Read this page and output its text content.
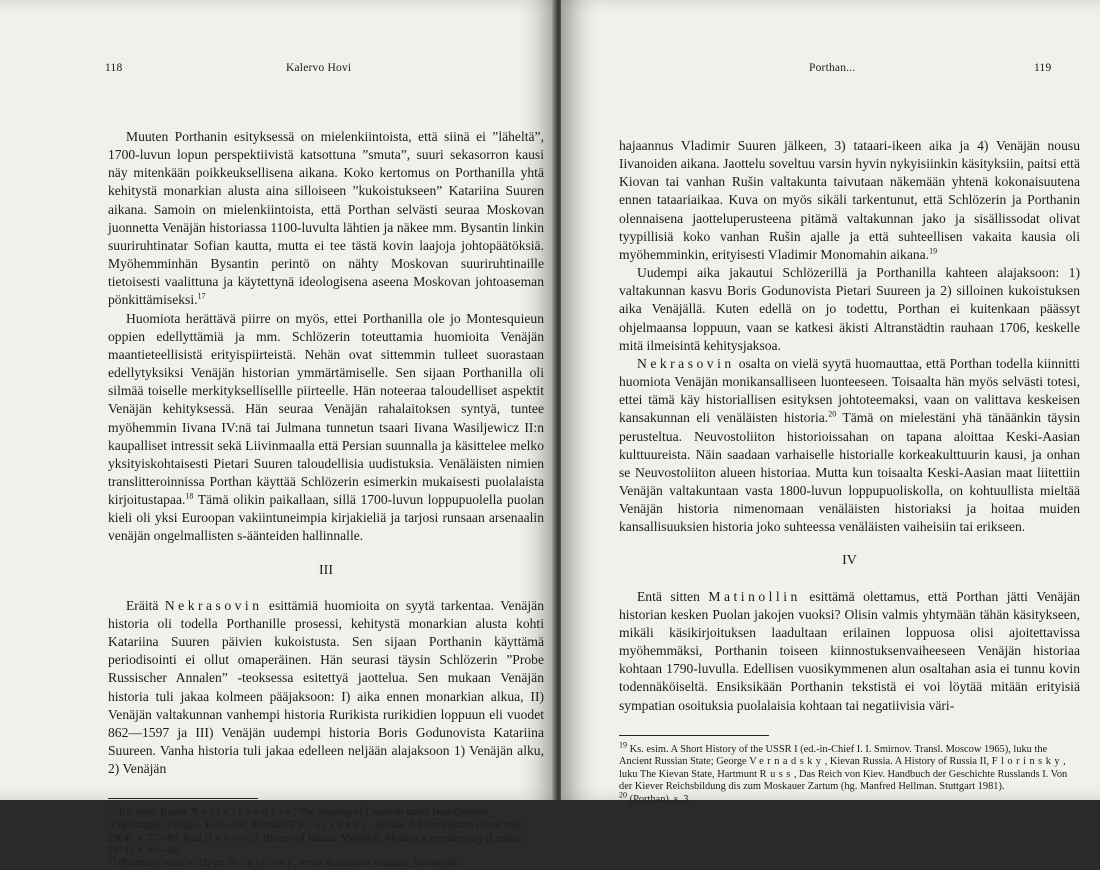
118	Kalervo Hovi

Muuten Porthanin esityksessä on mielenkiintoista, että siinä ei ”läheltä”, 1700-luvun lopun perspektiivistä katsottuna ”smuta”, suuri sekasorron kausi näy mitenkään poikkeuksellisena aikana. Koko kertomus on Porthanilla yhtä kehitystä monarkian alusta aina silloiseen ”kukoistukseen” Katariina Suuren aikana. Samoin on mielenkiintoista, että Porthan selvästi seuraa Moskovan juonnetta Venäjän historiassa 1100-luvulta lähtien ja näkee mm. Bysantin linkin suuriruhtinatar Sofian kautta, mutta ei tee tästä kovin laajoja johtopäätöksiä. Myöhemminhän Bysantin perintö on nähty Moskovan suuriruhtinaille tietoisesti vaalittuna ja käytettynä ideologisena aseena Moskovan johtoaseman pönkittämiseksi.$^{17}$

Huomiota herättävä piirre on myös, ettei Porthanilla ole jo Montesquieun oppien edellyttämiä ja mm. Schlözerin toteuttamia huomioita Venäjän maantieteellisistä erityispiirteistä. Nehän ovat sittemmin tulleet suorastaan edellytyksiksi Venäjän historian ymmärtämiselle. Sen sijaan Porthanilla oli silmää toiselle merkityksellisellle piirteelle. Hän noteeraa taloudelliset aspektit Venäjän kehityksessä. Hän seuraa Venäjän rahalaitoksen syntyä, tuntee myöhemmin Iivana IV:nä tai Julmana tunnetun tsaari Iivana Wasiljewicz II:n kaupalliset intressit sekä Liivinmaalla että Persian suunnalla ja käsittelee melko yksityiskohtaisesti Pietari Suuren taloudellisia uudistuksia. Venäläisten nimien translitteroinnissa Porthan käyttää Schlözerin esimerkin mukaisesti puolalaista kirjoitustapaa.$^{18}$ Tämä olikin paikallaan, sillä 1700-luvun loppupuolella puolan kieli oli yksi Euroopan vakiintuneimpia kirjakieliä ja tarjosi runsaan arsenaalin venäjän ongelmallisten s-äänteiden hallinnalle.

III

Eräitä Nekrasovin esittämiä huomioita on syytä tarkentaa. Venäjän historia oli todella Porthanille prosessi, kehitystä monarkian alusta kohti Katariina Suuren päivien kukoistusta. Sen sijaan Porthanin käyttämä periodisointi ei ollut omaperäinen. Hän seurasi täysin Schlözerin ”Probe Russischer Annalen” -teoksessa esitettyä jaottelua. Sen mukaan Venäjän historia tuli jakaa kolmeen pääjaksoon: I) aika ennen monarkian alkua, II) Venäjän valtakunnan vanhempi historia Rurikista rurikidien loppuun eli vuodet 862—1597 ja III) Venäjän uudempi historia Boris Godunovista Katariina Suureen. Vanha historia tuli jakaa edelleen neljään alajaksoon 1) Venäjän alku, 2) Venäjän

$^{17}$ Ks. esim. Bjarne Nørretranders, The Shaping of Czardom under Ivan Groznyj (Copenhagen 1964), s. 153—166; Michael T. Florinsky, Russia. A Short History (New York 1964), s. 77—80; Paul Dukes, A History of Russia. Medieval, Modern, Contemporary (London 1974), s. 45—46.

$^{18}$ (Porthan), esim. s. 42; vrt. Schlözer, Probe Russischer Annalen, Vorbericht.

Porthan...	119

hajaannus Vladimir Suuren jälkeen, 3) tataari-ikeen aika ja 4) Venäjän nousu Iivanoiden aikana. Jaottelu soveltuu varsin hyvin nykyisiinkin käsityksiin, paitsi että Kiovan tai vanhan Rušin valtakunta taivutaan näkemään yhtenä kokonaisuutena ennen tataariaikaa. Kuva on myös sikäli tarkentunut, että Schlözerin ja Porthanin olennaisena jaotteluperusteena pitämä valtakunnan jako ja sisällissodat olivat tyypillisiä koko vanhan Rušin ajalle ja että suhteellisen vakaita kausia oli myöhemminkin, erityisesti Vladimir Monomahin aikana.$^{19}$

Uudempi aika jakautui Schlözerillä ja Porthanilla kahteen alajaksoon: 1) valtakunnan kasvu Boris Godunovista Pietari Suureen ja 2) silloinen kukoistuksen aika Venäjällä. Kuten edellä on jo todettu, Porthan ei kuitenkaan päässyt ohjelmaansa loppuun, vaan se katkesi äkisti Altranstädtin rauhaan 1706, keskelle mitä ilmeisintä kehitysjaksoa.

Nekrasovin osalta on vielä syytä huomauttaa, että Porthan todella kiinnitti huomiota Venäjän monikansalliseen luonteeseen. Toisaalta hän myös selvästi totesi, ettei tämä käy historiallisen esityksen johtoteemaksi, vaan on valittava keskeisen kansakunnan eli venäläisten historia.$^{20}$ Tämä on mielestäni yhä tänäänkin täysin perusteltua. Neuvostoliiton historioissahan on tapana aloittaa Keski-Aasian kulttuureista. Näin saadaan varhaiselle historialle korkeakulttuurin kausi, ja onhan se Neuvostoliiton alueen historiaa. Mutta kun toisaalta Keski-Aasian maat liitettiin Venäjän valtakuntaan vasta 1800-luvun loppupuoliskolla, on kohtuullista mieltää Venäjän historia nimenomaan venäläisten historiaksi ja hoitaa muiden kansallisuuksien historia joko suhteessa venäläisten vaiheisiin tai erikseen.

IV

Entä sitten Matinollin esittämä olettamus, että Porthan jätti Venäjän historian kesken Puolan jakojen vuoksi? Olisin valmis yhtymään tähän käsitykseen, mikäli käsikirjoituksen laadultaan erilainen loppuosa olisi ajoitettavissa myöhemmäksi, Porthanin toiseen kiinnostuksenvaiheeseen Venäjän historiaa kohtaan 1790-luvulla. Edellisen vuosikymmenen alun osaltahan asia ei tunnu kovin todennäköiseltä. Ensiksikään Porthanin tekstistä ei voi löytää mitään erityisiä sympatian osoituksia puolalaisia kohtaan tai negatiivisia väri-

$^{19}$ Ks. esim. A Short History of the USSR I (ed.-in-Chief I. I. Smirnov. Transl. Moscow 1965), luku the Ancient Russian State; George Vernadsky, Kievan Russia. A History of Russia II, Florinsky, luku The Kievan State, Hartmunt Russ, Das Reich von Kiev. Handbuch der Geschichte Russlands I. Von der Kiever Reichsbildung dis zum Moskauer Zartum (hg. Manfred Hellman. Stuttgart 1981).

$^{20}$ (Porthan), s. 3.
